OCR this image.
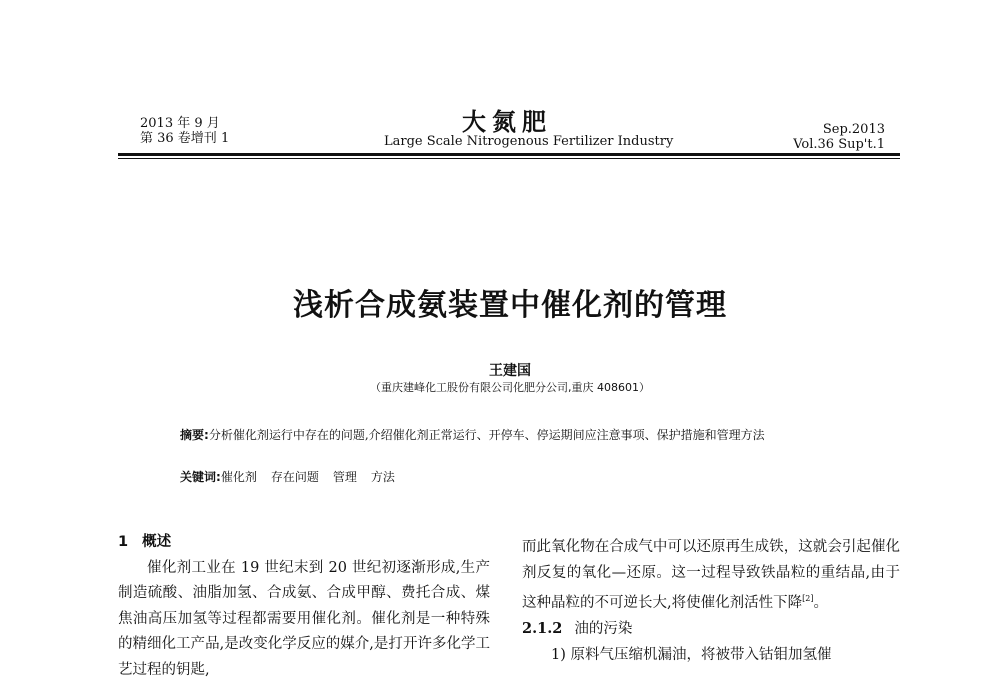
2013 年 9 月
第 36 卷增刊 1
大氮肥
Large Scale Nitrogenous Fertilizer Industry
Sep.2013
Vol.36 Sup't.1
浅析合成氨装置中催化剂的管理
王建国
（重庆建峰化工股份有限公司化肥分公司,重庆 408601）
摘要:分析催化剂运行中存在的问题,介绍催化剂正常运行、开停车、停运期间应注意事项、保护措施和管理方法
关键词:催化剂 存在问题 管理 方法
1 概述
催化剂工业在 19 世纪末到 20 世纪初逐渐形成,生产制造硫酸、油脂加氢、合成氨、合成甲醇、费托合成、煤焦油高压加氢等过程都需要用催化剂。催化剂是一种特殊的精细化工产品,是改变化学反应的媒介,是打开许多化学工艺过程的钥匙,
而此氧化物在合成气中可以还原再生成铁，这就会引起催化剂反复的氧化—还原。这一过程导致铁晶粒的重结晶,由于这种晶粒的不可逆长大,将使催化剂活性下降[2]。
2.1.2 油的污染
1) 原料气压缩机漏油，将被带入钴钼加氢催
